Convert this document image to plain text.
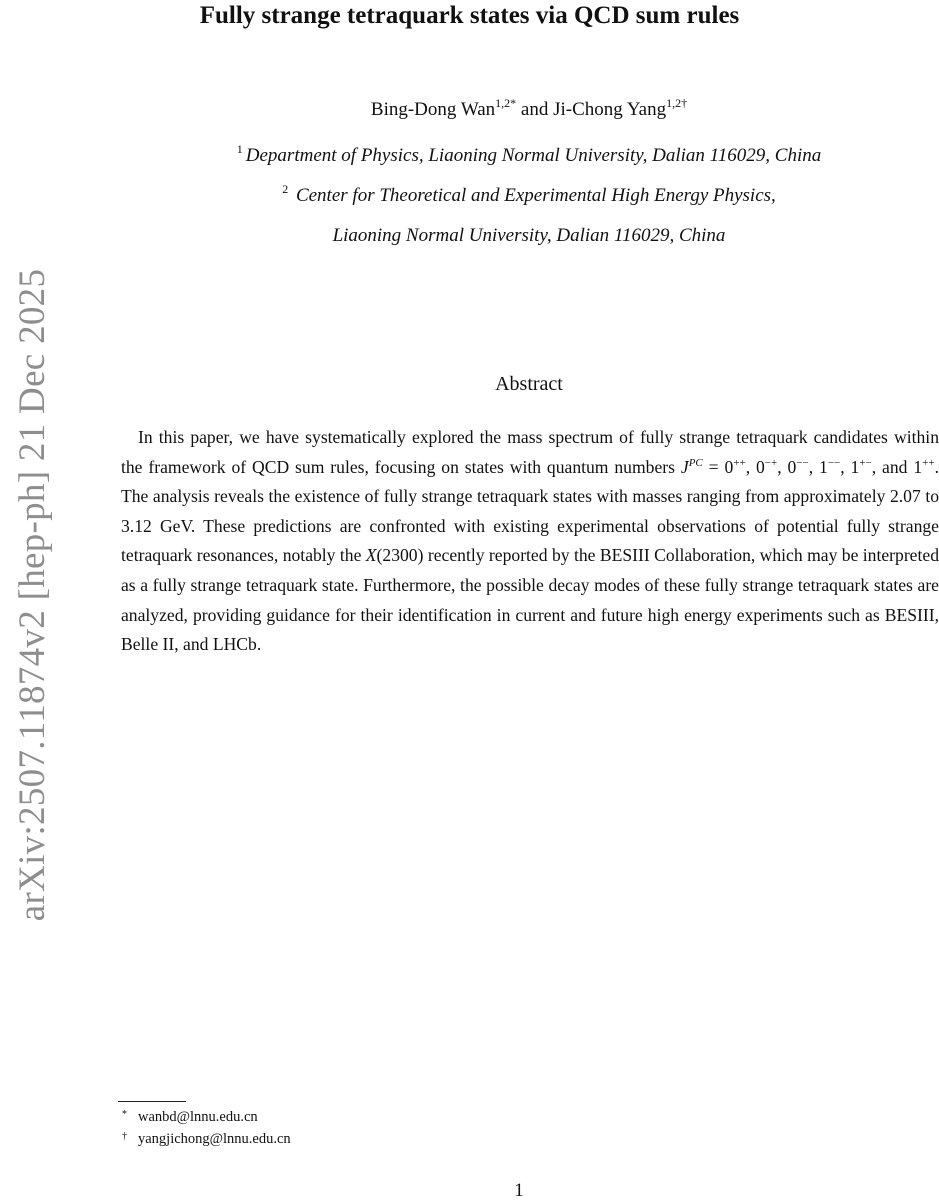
arXiv:2507.11874v2 [hep-ph] 21 Dec 2025
Fully strange tetraquark states via QCD sum rules
Bing-Dong Wan$^{1,2*}$ and Ji-Chong Yang$^{1,2\dagger}$
$^1$ Department of Physics, Liaoning Normal University, Dalian 116029, China
$^2$ Center for Theoretical and Experimental High Energy Physics,
Liaoning Normal University, Dalian 116029, China
Abstract

In this paper, we have systematically explored the mass spectrum of fully strange tetraquark candidates within the framework of QCD sum rules, focusing on states with quantum numbers $J^{PC} = 0^{++}$, 0−+, 0−−, 1−−, 1+−, and 1++. The analysis reveals the existence of fully strange tetraquark states with masses ranging from approximately 2.07 to 3.12 GeV. These predictions are confronted with existing experimental observations of potential fully strange tetraquark resonances, notably the X(2300) recently reported by the BESIII Collaboration, which may be interpreted as a fully strange tetraquark state. Furthermore, the possible decay modes of these fully strange tetraquark states are analyzed, providing guidance for their identification in current and future high energy experiments such as BESIII, Belle II, and LHCb.

* wanbd@lnnu.edu.cn
† yangjichong@lnnu.edu.cn
1
